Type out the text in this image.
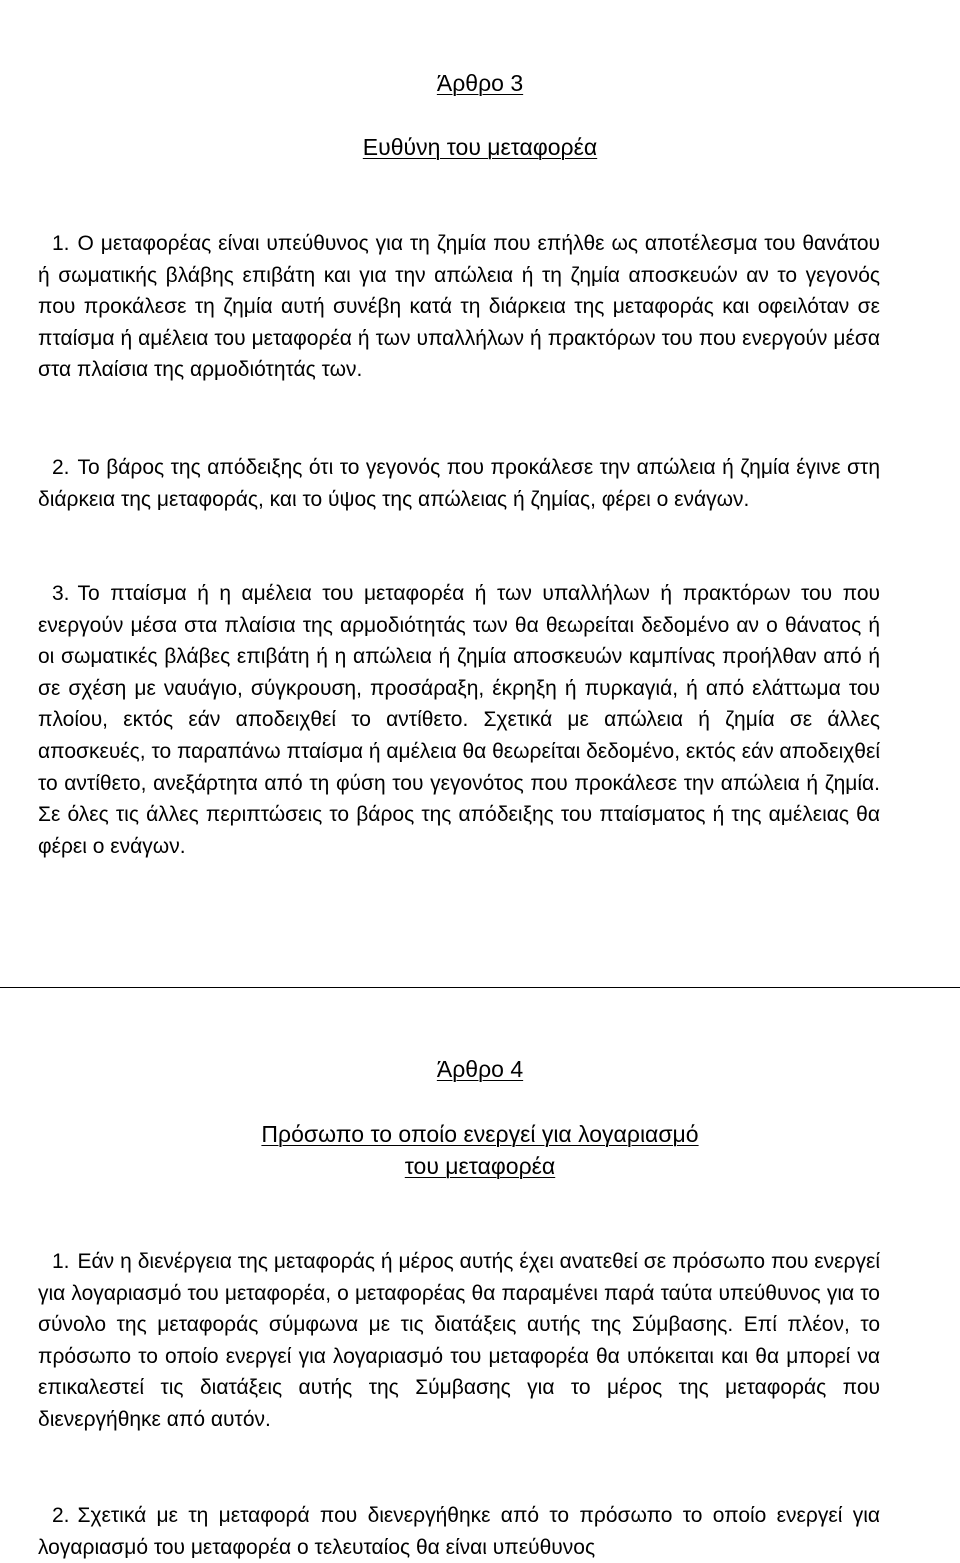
Άρθρο 3
Ευθύνη του μεταφορέα
1. Ο μεταφορέας είναι υπεύθυνος για τη ζημία που επήλθε ως αποτέλεσμα του θανάτου ή σωματικής βλάβης επιβάτη και για την απώλεια ή τη ζημία αποσκευών αν το γεγονός που προκάλεσε τη ζημία αυτή συνέβη κατά τη διάρκεια της μεταφοράς και οφειλόταν σε πταίσμα ή αμέλεια του μεταφορέα ή των υπαλλήλων ή πρακτόρων του που ενεργούν μέσα στα πλαίσια της αρμοδιότητάς των.
2. Το βάρος της απόδειξης ότι το γεγονός που προκάλεσε την απώλεια ή ζημία έγινε στη διάρκεια της μεταφοράς, και το ύψος της απώλειας ή ζημίας, φέρει ο ενάγων.
3. Το πταίσμα ή η αμέλεια του μεταφορέα ή των υπαλλήλων ή πρακτόρων του που ενεργούν μέσα στα πλαίσια της αρμοδιότητάς των θα θεωρείται δεδομένο αν ο θάνατος ή οι σωματικές βλάβες επιβάτη ή η απώλεια ή ζημία αποσκευών καμπίνας προήλθαν από ή σε σχέση με ναυάγιο, σύγκρουση, προσάραξη, έκρηξη ή πυρκαγιά, ή από ελάττωμα του πλοίου, εκτός εάν αποδειχθεί το αντίθετο. Σχετικά με απώλεια ή ζημία σε άλλες αποσκευές, το παραπάνω πταίσμα ή αμέλεια θα θεωρείται δεδομένο, εκτός εάν αποδειχθεί το αντίθετο, ανεξάρτητα από τη φύση του γεγονότος που προκάλεσε την απώλεια ή ζημία. Σε όλες τις άλλες περιπτώσεις το βάρος της απόδειξης του πταίσματος ή της αμέλειας θα φέρει ο ενάγων.
Άρθρο 4
Πρόσωπο το οποίο ενεργεί για λογαριασμό
του μεταφορέα
1. Εάν η διενέργεια της μεταφοράς ή μέρος αυτής έχει ανατεθεί σε πρόσωπο που ενεργεί για λογαριασμό του μεταφορέα, ο μεταφορέας θα παραμένει παρά ταύτα υπεύθυνος για το σύνολο της μεταφοράς σύμφωνα με τις διατάξεις αυτής της Σύμβασης. Επί πλέον, το πρόσωπο το οποίο ενεργεί για λογαριασμό του μεταφορέα θα υπόκειται και θα μπορεί να επικαλεστεί τις διατάξεις αυτής της Σύμβασης για το μέρος της μεταφοράς που διενεργήθηκε από αυτόν.
2. Σχετικά με τη μεταφορά που διενεργήθηκε από το πρόσωπο το οποίο ενεργεί για λογαριασμό του μεταφορέα ο τελευταίος θα είναι υπεύθυνος
